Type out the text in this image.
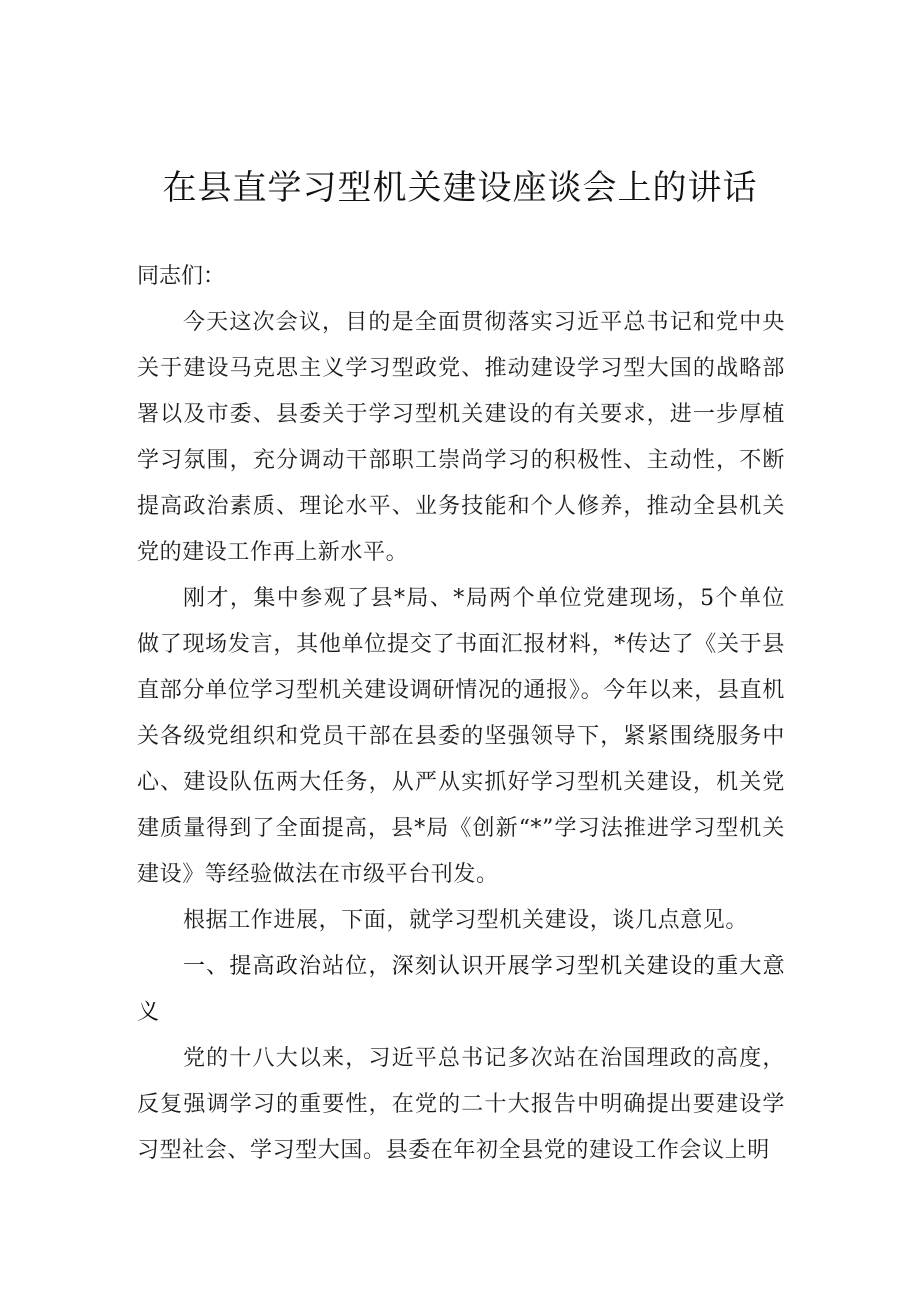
在县直学习型机关建设座谈会上的讲话

同志们：

今天这次会议，目的是全面贯彻落实习近平总书记和党中央关于建设马克思主义学习型政党、推动建设学习型大国的战略部署以及市委、县委关于学习型机关建设的有关要求，进一步厚植学习氛围，充分调动干部职工崇尚学习的积极性、主动性，不断提高政治素质、理论水平、业务技能和个人修养，推动全县机关党的建设工作再上新水平。

刚才，集中参观了县*局、*局两个单位党建现场，5个单位做了现场发言，其他单位提交了书面汇报材料，*传达了《关于县直部分单位学习型机关建设调研情况的通报》。今年以来，县直机关各级党组织和党员干部在县委的坚强领导下，紧紧围绕服务中心、建设队伍两大任务，从严从实抓好学习型机关建设，机关党建质量得到了全面提高，县*局《创新“*”学习法推进学习型机关建设》等经验做法在市级平台刊发。

根据工作进展，下面，就学习型机关建设，谈几点意见。

一、提高政治站位，深刻认识开展学习型机关建设的重大意义

党的十八大以来，习近平总书记多次站在治国理政的高度，反复强调学习的重要性，在党的二十大报告中明确提出要建设学习型社会、学习型大国。县委在年初全县党的建设工作会议上明
